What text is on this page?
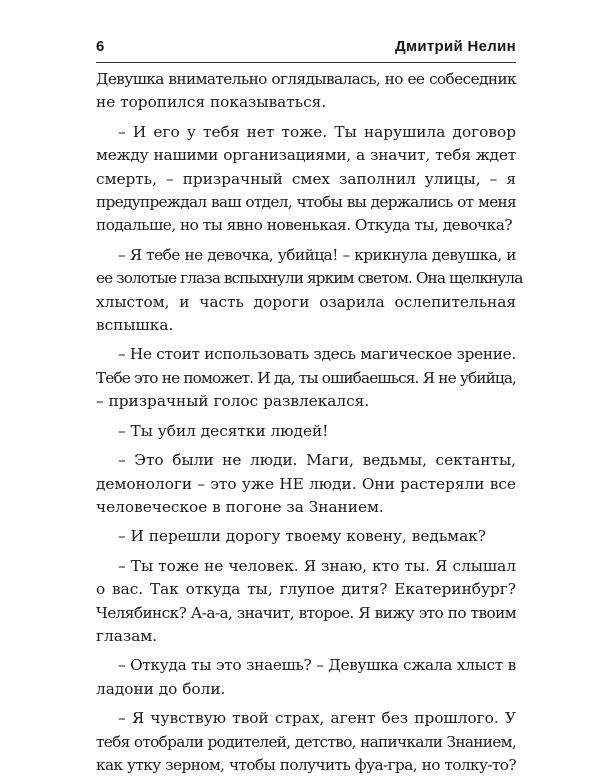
6	Дмитрий Нелин

Девушка внимательно оглядывалась, но ее собеседник
не торопился показываться.

– И его у тебя нет тоже. Ты нарушила договор
между нашими организациями, а значит, тебя ждет
смерть, – призрачный смех заполнил улицы, – я
предупреждал ваш отдел, чтобы вы держались от меня
подальше, но ты явно новенькая. Откуда ты, девочка?

– Я тебе не девочка, убийца! – крикнула девушка, и
ее золотые глаза вспыхнули ярким светом. Она щелкнула
хлыстом, и часть дороги озарила ослепительная
вспышка.

– Не стоит использовать здесь магическое зрение.
Тебе это не поможет. И да, ты ошибаешься. Я не убийца,
– призрачный голос развлекался.

– Ты убил десятки людей!

– Это были не люди. Маги, ведьмы, сектанты,
демонологи – это уже НЕ люди. Они растеряли все
человеческое в погоне за Знанием.

– И перешли дорогу твоему ковену, ведьмак?

– Ты тоже не человек. Я знаю, кто ты. Я слышал
о вас. Так откуда ты, глупое дитя? Екатеринбург?
Челябинск? А-а-а, значит, второе. Я вижу это по твоим
глазам.

– Откуда ты это знаешь? – Девушка сжала хлыст в
ладони до боли.

– Я чувствую твой страх, агент без прошлого. У
тебя отобрали родителей, детство, напичкали Знанием,
как утку зерном, чтобы получить фуа-гра, но толку-то?
